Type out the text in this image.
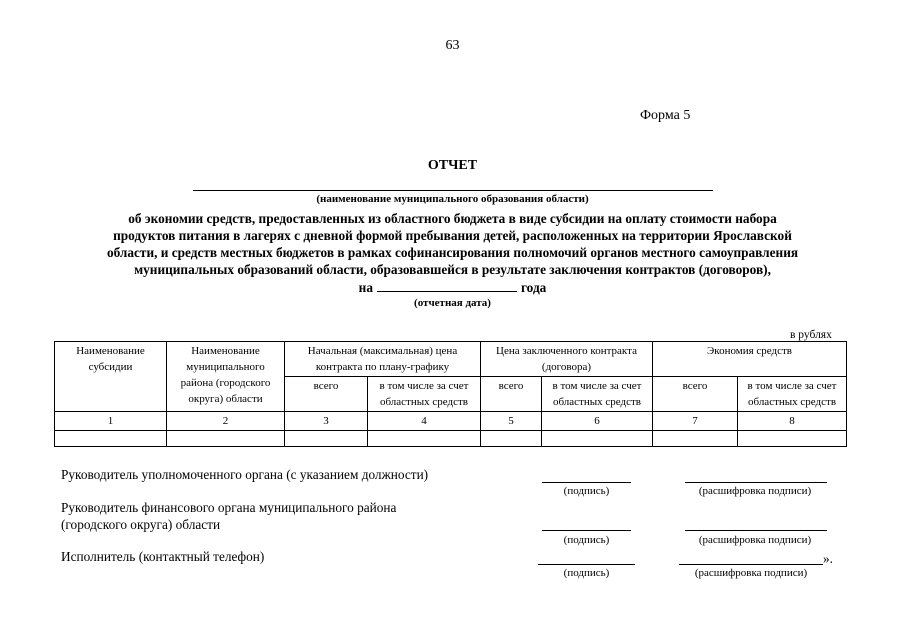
63
Форма 5
ОТЧЕТ
(наименование муниципального образования области)
об экономии средств, предоставленных из областного бюджета в виде субсидии на оплату стоимости набора
продуктов питания в лагерях с дневной формой пребывания детей, расположенных на территории Ярославской
области, и средств местных бюджетов в рамках софинансирования полномочий органов местного самоуправления
муниципальных образований области, образовавшейся в результате заключения контрактов (договоров),
на	года
(отчетная дата)
в рублях
Наименование субсидии	Наименование муниципального района (городского округа) области	Начальная (максимальная) цена контракта по плану-графику		Цена заключенного контракта (договора)		Экономия средств	
		всего	в том числе за счет областных средств	всего	в том числе за счет областных средств	всего	в том числе за счет областных средств
1	2	3	4	5	6	7	8

Руководитель уполномоченного органа (с указанием должности)
(подпись)	(расшифровка подписи)
Руководитель финансового органа муниципального района
(городского округа) области
(подпись)	(расшифровка подписи)
Исполнитель (контактный телефон)	».
(подпись)	(расшифровка подписи)
